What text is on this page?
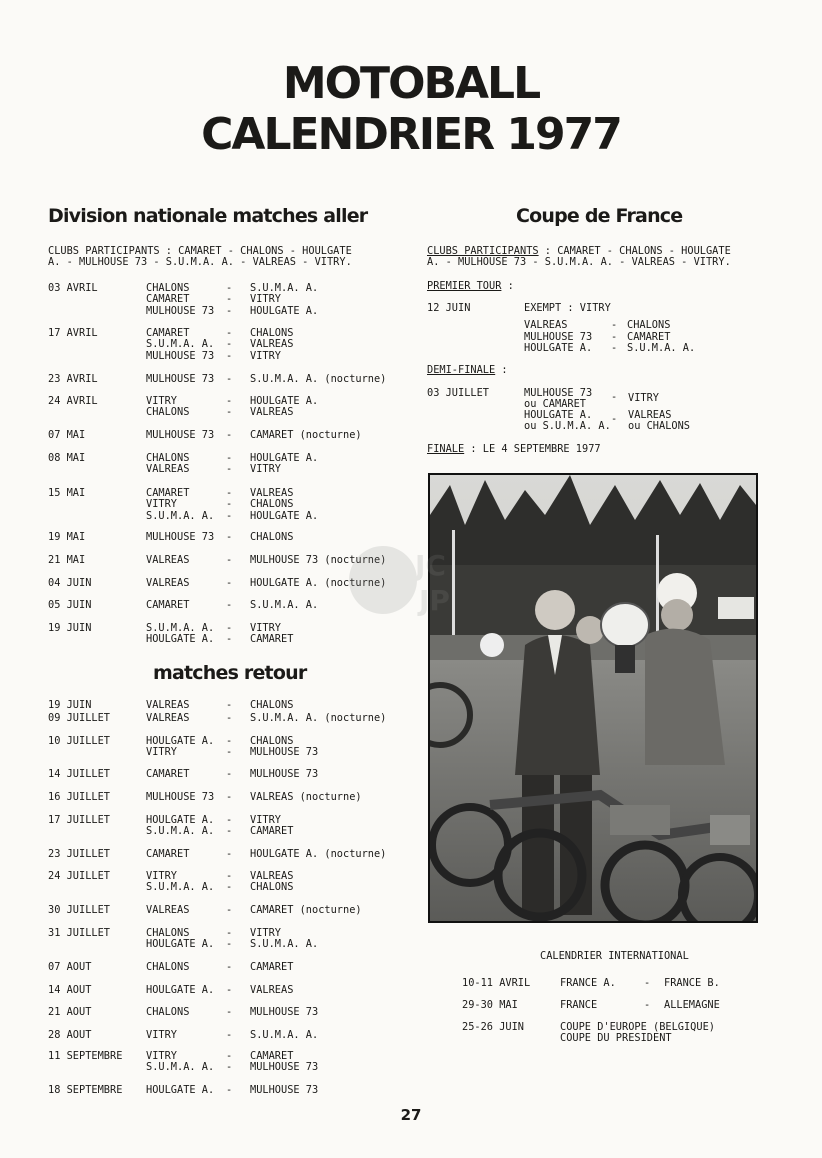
MOTOBALL
CALENDRIER 1977
Division nationale matches aller
CLUBS PARTICIPANTS : CAMARET - CHALONS - HOULGATE
A. - MULHOUSE 73 - S.U.M.A. A. - VALREAS - VITRY.
03 AVRIL	CHALONS	- S.U.M.A. A.
CAMARET	- VITRY
MULHOUSE 73 - HOULGATE A.
17 AVRIL	CAMARET	- CHALONS
S.U.M.A. A. - VALREAS
MULHOUSE 73 - VITRY
23 AVRIL	MULHOUSE 73 - S.U.M.A. A. (nocturne)
24 AVRIL	VITRY	- HOULGATE A.
CHALONS	- VALREAS
07 MAI	MULHOUSE 73 - CAMARET (nocturne)
08 MAI	CHALONS	- HOULGATE A.
VALREAS	- VITRY
15 MAI	CAMARET	- VALREAS
VITRY	- CHALONS
S.U.M.A. A. - HOULGATE A.
19 MAI	MULHOUSE 73 - CHALONS
21 MAI	VALREAS	- MULHOUSE 73 (nocturne)
04 JUIN	VALREAS	- HOULGATE A. (nocturne)
05 JUIN	CAMARET	- S.U.M.A. A.
19 JUIN	S.U.M.A. A. - VITRY
HOULGATE A. - CAMARET
matches retour
19 JUIN	VALREAS	- CHALONS
09 JUILLET	VALREAS	- S.U.M.A. A. (nocturne)
10 JUILLET	HOULGATE A. - CHALONS
VITRY	- MULHOUSE 73
14 JUILLET	CAMARET	- MULHOUSE 73
16 JUILLET	MULHOUSE 73 - VALREAS (nocturne)
17 JUILLET	HOULGATE A. - VITRY
S.U.M.A. A. - CAMARET
23 JUILLET	CAMARET	- HOULGATE A. (nocturne)
24 JUILLET	VITRY	- VALREAS
S.U.M.A. A. - CHALONS
30 JUILLET	VALREAS	- CAMARET (nocturne)
31 JUILLET	CHALONS	- VITRY
HOULGATE A. - S.U.M.A. A.
07 AOUT	CHALONS	- CAMARET
14 AOUT	HOULGATE A. - VALREAS
21 AOUT	CHALONS	- MULHOUSE 73
28 AOUT	VITRY	- S.U.M.A. A.
11 SEPTEMBRE VITRY	- CAMARET
S.U.M.A. A. - MULHOUSE 73
18 SEPTEMBRE HOULGATE A. - MULHOUSE 73
Coupe de France
CLUBS PARTICIPANTS : CAMARET - CHALONS - HOULGATE
A. - MULHOUSE 73 - S.U.M.A. A. - VALREAS - VITRY.
PREMIER TOUR :
12 JUIN	EXEMPT : VITRY
VALREAS	- CHALONS
MULHOUSE 73 - CAMARET
HOULGATE A. - S.U.M.A. A.
DEMI-FINALE :
03 JUILLET	MULHOUSE 73 - VITRY
ou CAMARET
HOULGATE A. - VALREAS
ou S.U.M.A. A. ou CHALONS
FINALE : LE 4 SEPTEMBRE 1977
JC
JP
CALENDRIER INTERNATIONAL
10-11 AVRIL	FRANCE A.	- FRANCE B.
29-30 MAI	FRANCE	- ALLEMAGNE
25-26 JUIN	COUPE D'EUROPE (BELGIQUE)
COUPE DU PRESIDENT
27
